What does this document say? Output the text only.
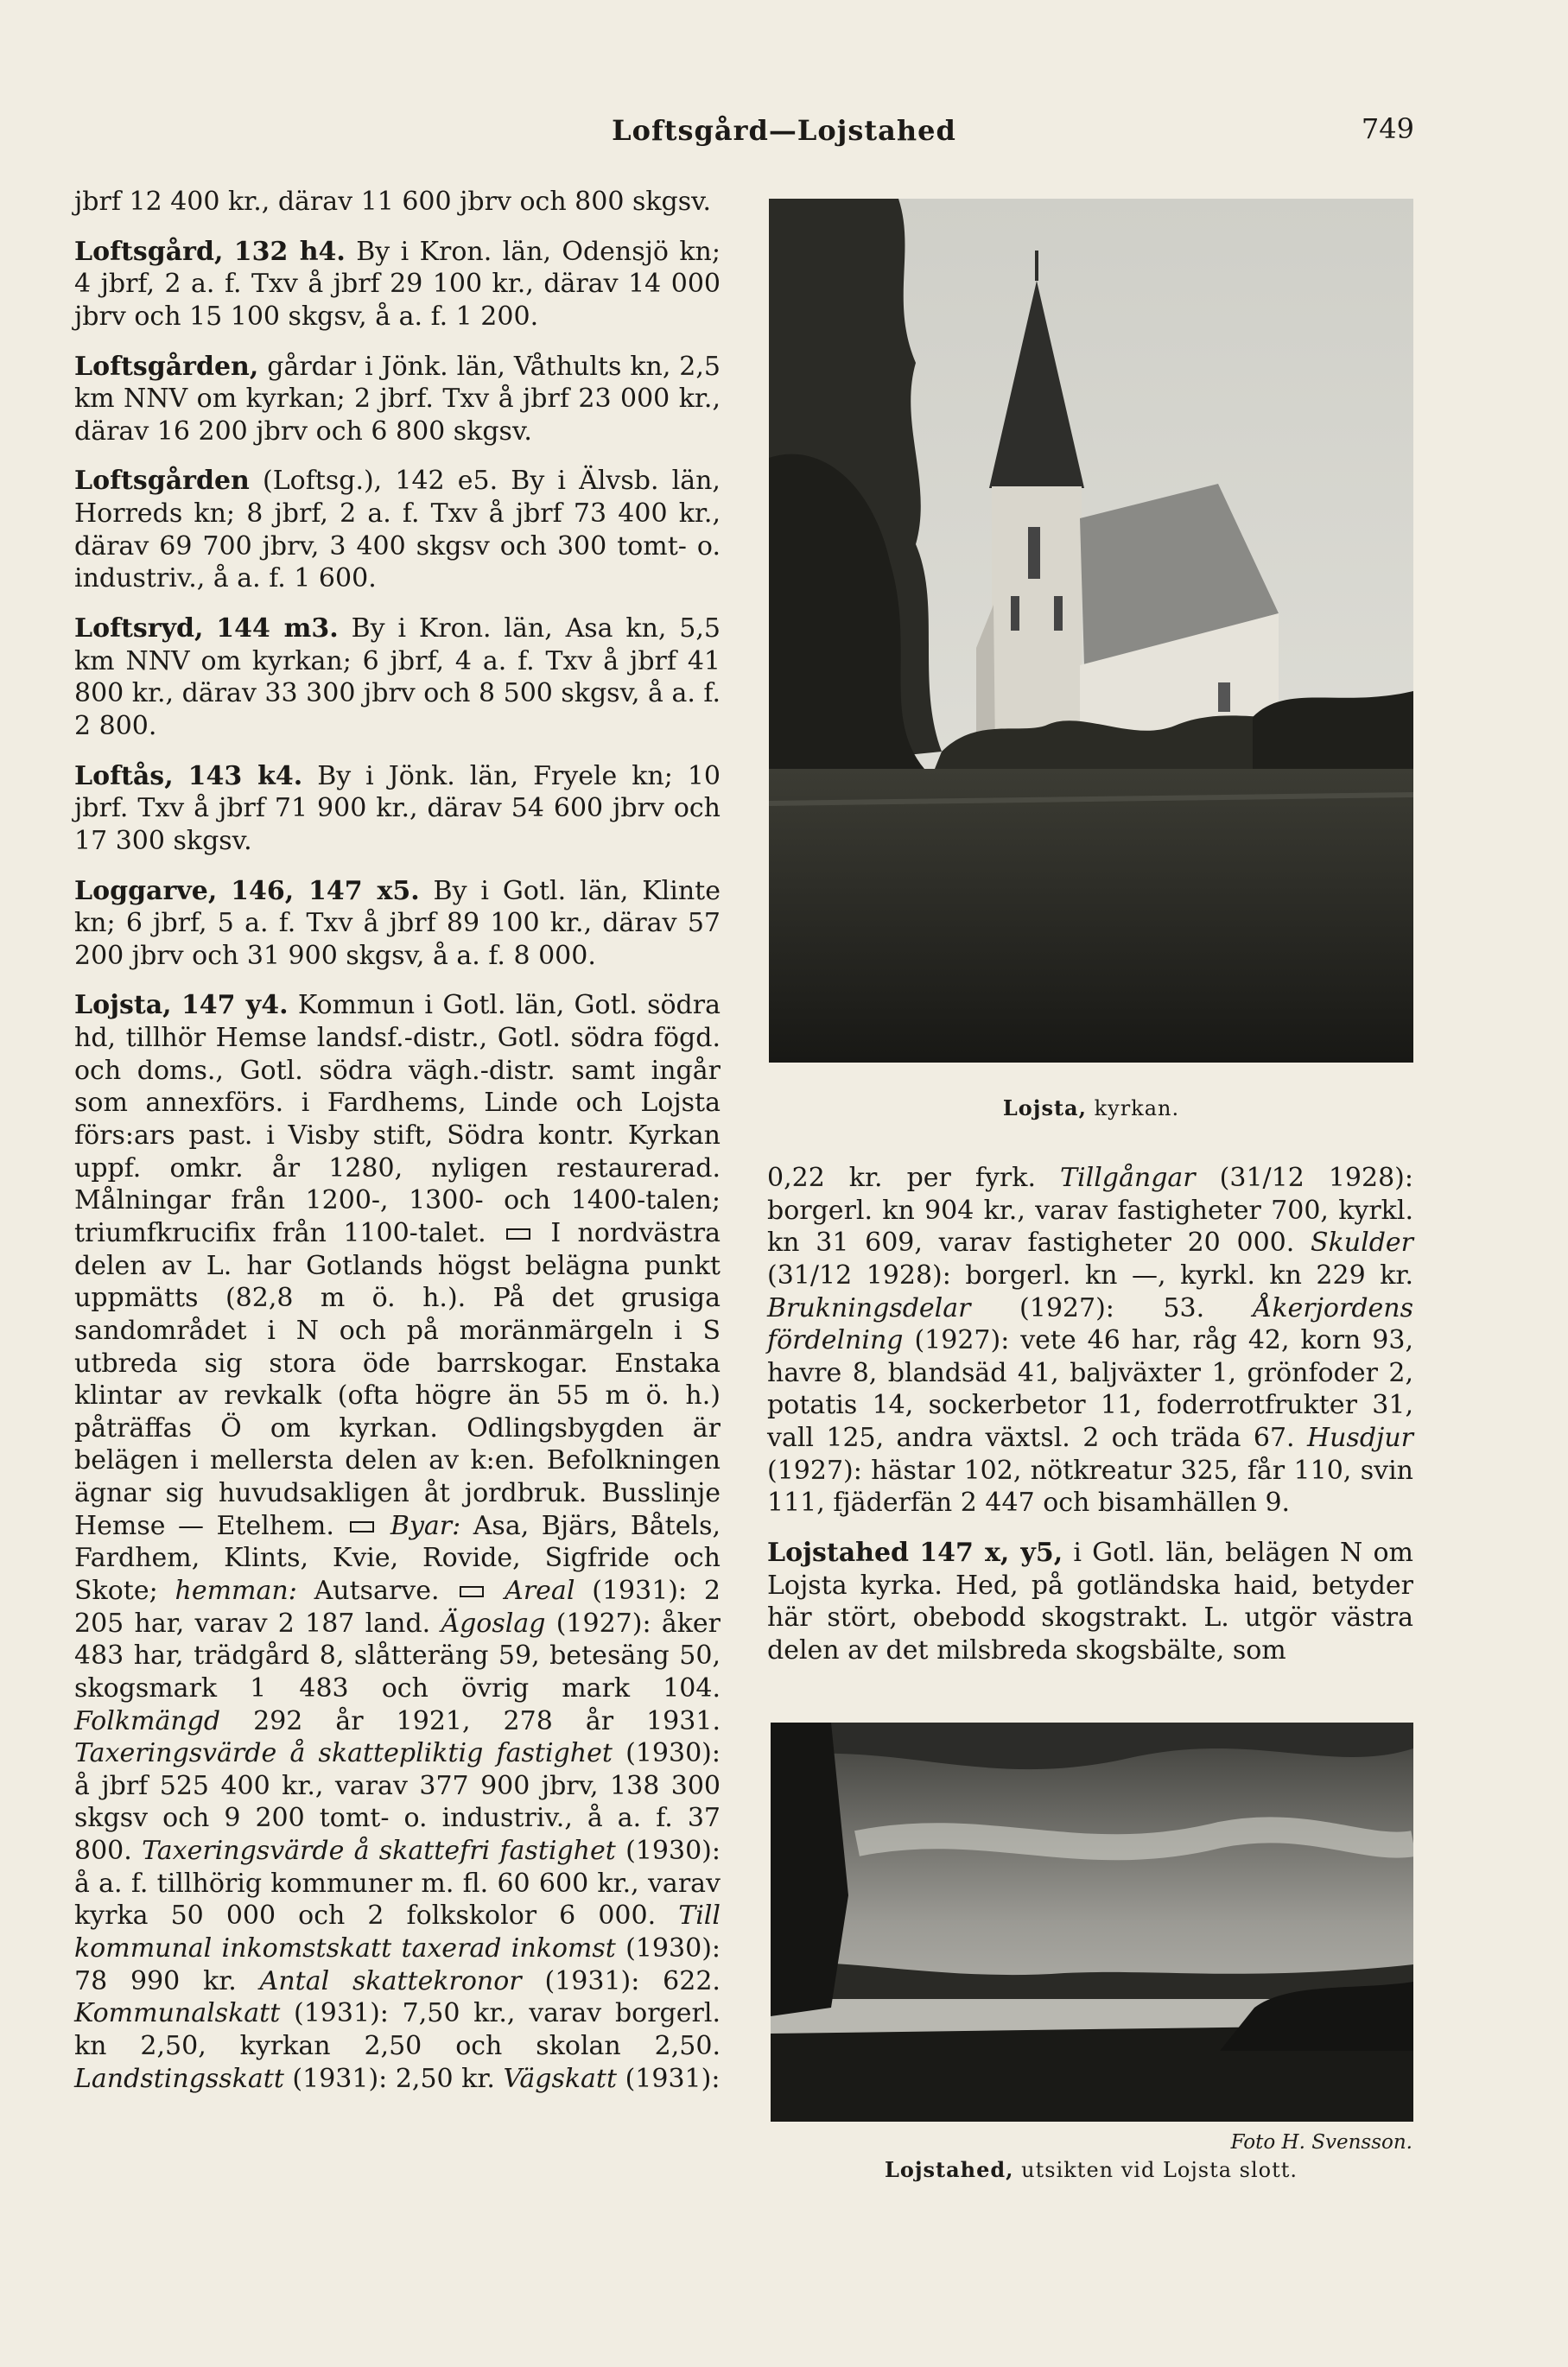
Loftsgård—Lojstahed	749

jbrf 12 400 kr., därav 11 600 jbrv och 800 skgsv.

Loftsgård, 132 h4. By i Kron. län, Odensjö kn; 4 jbrf, 2 a. f. Txv å jbrf 29 100 kr., därav 14 000 jbrv och 15 100 skgsv, å a. f. 1 200.

Loftsgården, gårdar i Jönk. län, Våthults kn, 2,5 km NNV om kyrkan; 2 jbrf. Txv å jbrf 23 000 kr., därav 16 200 jbrv och 6 800 skgsv.

Loftsgården (Loftsg.), 142 e5. By i Älvsb. län, Horreds kn; 8 jbrf, 2 a. f. Txv å jbrf 73 400 kr., därav 69 700 jbrv, 3 400 skgsv och 300 tomt- o. industriv., å a. f. 1 600.

Loftsryd, 144 m3. By i Kron. län, Asa kn, 5,5 km NNV om kyrkan; 6 jbrf, 4 a. f. Txv å jbrf 41 800 kr., därav 33 300 jbrv och 8 500 skgsv, å a. f. 2 800.

Loftås, 143 k4. By i Jönk. län, Fryele kn; 10 jbrf. Txv å jbrf 71 900 kr., därav 54 600 jbrv och 17 300 skgsv.

Loggarve, 146, 147 x5. By i Gotl. län, Klinte kn; 6 jbrf, 5 a. f. Txv å jbrf 89 100 kr., därav 57 200 jbrv och 31 900 skgsv, å a. f. 8 000.

Lojsta, 147 y4. Kommun i Gotl. län, Gotl. södra hd, tillhör Hemse landsf.-distr., Gotl. södra fögd. och doms., Gotl. södra vägh.-distr. samt ingår som annexförs. i Fardhems, Linde och Lojsta förs:ars past. i Visby stift, Södra kontr. Kyrkan uppf. omkr. år 1280, nyligen restaurerad. Målningar från 1200-, 1300- och 1400-talen; triumfkrucifix från 1100-talet. I nordvästra delen av L. har Gotlands högst belägna punkt uppmätts (82,8 m ö. h.). På det grusiga sandområdet i N och på moränmärgeln i S utbreda sig stora öde barrskogar. Enstaka klintar av revkalk (ofta högre än 55 m ö. h.) påträffas Ö om kyrkan. Odlingsbygden är belägen i mellersta delen av k:en. Befolkningen ägnar sig huvudsakligen åt jordbruk. Busslinje Hemse — Etelhem. Byar: Asa, Bjärs, Båtels, Fardhem, Klints, Kvie, Rovide, Sigfride och Skote; hemman: Autsarve.	Areal (1931): 2 205 har, varav 2 187 land. Ägoslag (1927): åker 483 har, trädgård 8, slåtteräng 59, betesäng 50, skogsmark 1 483 och övrig mark 104. Folkmängd 292 år 1921, 278 år 1931. Taxeringsvärde å skattepliktig fastighet (1930): å jbrf 525 400 kr., varav 377 900 jbrv, 138 300 skgsv och 9 200 tomt- o. industriv., å a. f. 37 800. Taxeringsvärde å skattefri fastighet (1930): å a. f. tillhörig kommuner m. fl. 60 600 kr., varav kyrka 50 000 och 2 folkskolor 6 000. Till kommunal inkomstskatt taxerad inkomst (1930): 78 990 kr. Antal skattekronor (1931): 622. Kommunalskatt (1931): 7,50 kr., varav borgerl. kn 2,50, kyrkan 2,50 och skolan 2,50. Landstingsskatt (1931): 2,50 kr. Vägskatt (1931):

Lojsta, kyrkan.

0,22 kr. per fyrk. Tillgångar (31/12 1928): borgerl. kn 904 kr., varav fastigheter 700, kyrkl. kn 31 609, varav fastigheter 20 000. Skulder (31/12 1928): borgerl. kn —, kyrkl. kn 229 kr. Brukningsdelar (1927): 53. Åkerjordens fördelning (1927): vete 46 har, råg 42, korn 93, havre 8, blandsäd 41, baljväxter 1, grönfoder 2, potatis 14, sockerbetor 11, foderrotfrukter 31, vall 125, andra växtsl. 2 och träda 67. Husdjur (1927): hästar 102, nötkreatur 325, får 110, svin 111, fjäderfän 2 447 och bisamhällen 9.

Lojstahed 147 x, y5, i Gotl. län, belägen N om Lojsta kyrka. Hed, på gotländska haid, betyder här stört, obebodd skogstrakt. L. utgör västra delen av det milsbreda skogsbälte, som

Foto H. Svensson.
Lojstahed, utsikten vid Lojsta slott.
